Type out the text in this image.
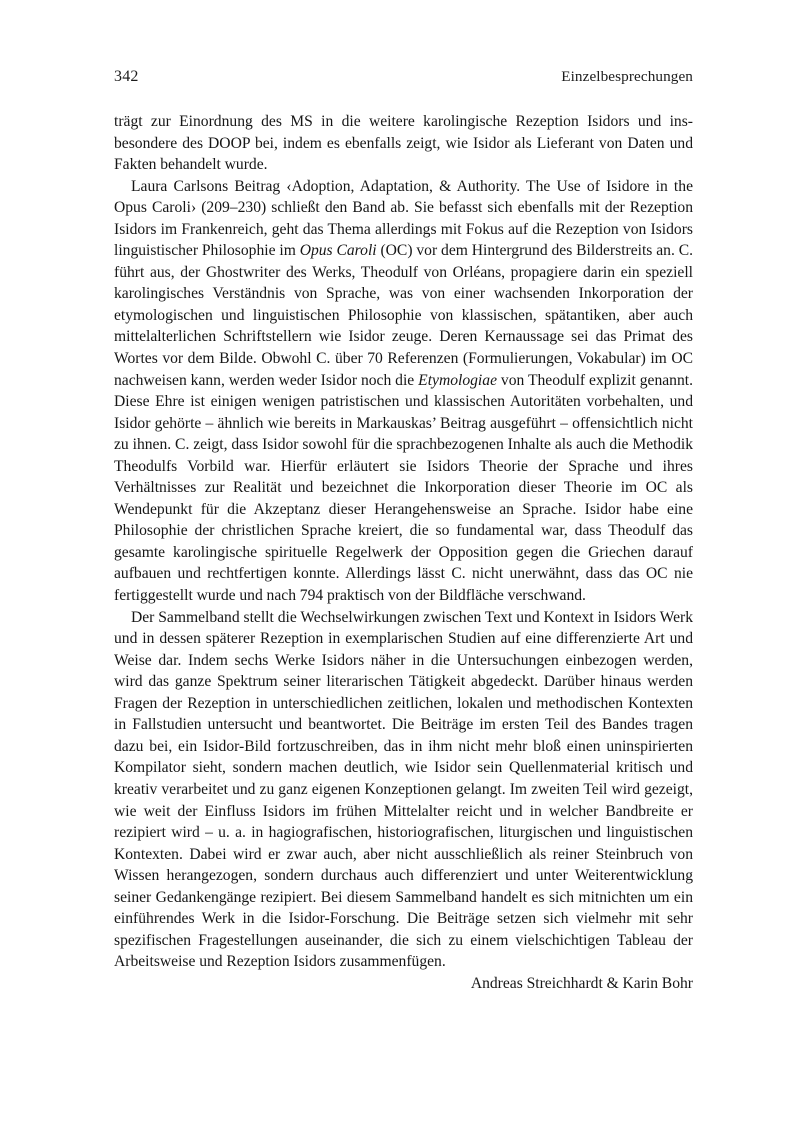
342	Einzelbesprechungen

trägt zur Einordnung des MS in die weitere karolingische Rezeption Isidors und insbesondere des DOOP bei, indem es ebenfalls zeigt, wie Isidor als Lieferant von Daten und Fakten behandelt wurde.

Laura Carlsons Beitrag ‹Adoption, Adaptation, & Authority. The Use of Isidore in the Opus Caroli› (209–230) schließt den Band ab. Sie befasst sich ebenfalls mit der Rezeption Isidors im Frankenreich, geht das Thema allerdings mit Fokus auf die Rezeption von Isidors linguistischer Philosophie im Opus Caroli (OC) vor dem Hintergrund des Bilderstreits an. C. führt aus, der Ghostwriter des Werks, Theodulf von Orléans, propagiere darin ein speziell karolingisches Verständnis von Sprache, was von einer wachsenden Inkorporation der etymologischen und linguistischen Philosophie von klassischen, spätantiken, aber auch mittelalterlichen Schriftstellern wie Isidor zeuge. Deren Kernaussage sei das Primat des Wortes vor dem Bilde. Obwohl C. über 70 Referenzen (Formulierungen, Vokabular) im OC nachweisen kann, werden weder Isidor noch die Etymologiae von Theodulf explizit genannt. Diese Ehre ist einigen wenigen patristischen und klassischen Autoritäten vorbehalten, und Isidor gehörte – ähnlich wie bereits in Markauskas’ Beitrag ausgeführt – offensichtlich nicht zu ihnen. C. zeigt, dass Isidor sowohl für die sprachbezogenen Inhalte als auch die Methodik Theodulfs Vorbild war. Hierfür erläutert sie Isidors Theorie der Sprache und ihres Verhältnisses zur Realität und bezeichnet die Inkorporation dieser Theorie im OC als Wendepunkt für die Akzeptanz dieser Herangehensweise an Sprache. Isidor habe eine Philosophie der christlichen Sprache kreiert, die so fundamental war, dass Theodulf das gesamte karolingische spirituelle Regelwerk der Opposition gegen die Griechen darauf aufbauen und rechtfertigen konnte. Allerdings lässt C. nicht unerwähnt, dass das OC nie fertiggestellt wurde und nach 794 praktisch von der Bildfläche verschwand.

Der Sammelband stellt die Wechselwirkungen zwischen Text und Kontext in Isidors Werk und in dessen späterer Rezeption in exemplarischen Studien auf eine differenzierte Art und Weise dar. Indem sechs Werke Isidors näher in die Untersuchungen einbezogen werden, wird das ganze Spektrum seiner literarischen Tätigkeit abgedeckt. Darüber hinaus werden Fragen der Rezeption in unterschiedlichen zeitlichen, lokalen und methodischen Kontexten in Fallstudien untersucht und beantwortet. Die Beiträge im ersten Teil des Bandes tragen dazu bei, ein Isidor-Bild fortzuschreiben, das in ihm nicht mehr bloß einen uninspirierten Kompilator sieht, sondern machen deutlich, wie Isidor sein Quellenmaterial kritisch und kreativ verarbeitet und zu ganz eigenen Konzeptionen gelangt. Im zweiten Teil wird gezeigt, wie weit der Einfluss Isidors im frühen Mittelalter reicht und in welcher Bandbreite er rezipiert wird – u. a. in hagiografischen, historiografischen, liturgischen und linguistischen Kontexten. Dabei wird er zwar auch, aber nicht ausschließlich als reiner Steinbruch von Wissen herangezogen, sondern durchaus auch differenziert und unter Weiterentwicklung seiner Gedankengänge rezipiert. Bei diesem Sammelband handelt es sich mitnichten um ein einführendes Werk in die Isidor-Forschung. Die Beiträge setzen sich vielmehr mit sehr spezifischen Fragestellungen auseinander, die sich zu einem vielschichtigen Tableau der Arbeitsweise und Rezeption Isidors zusammenfügen.

Andreas Streichhardt & Karin Bohr
